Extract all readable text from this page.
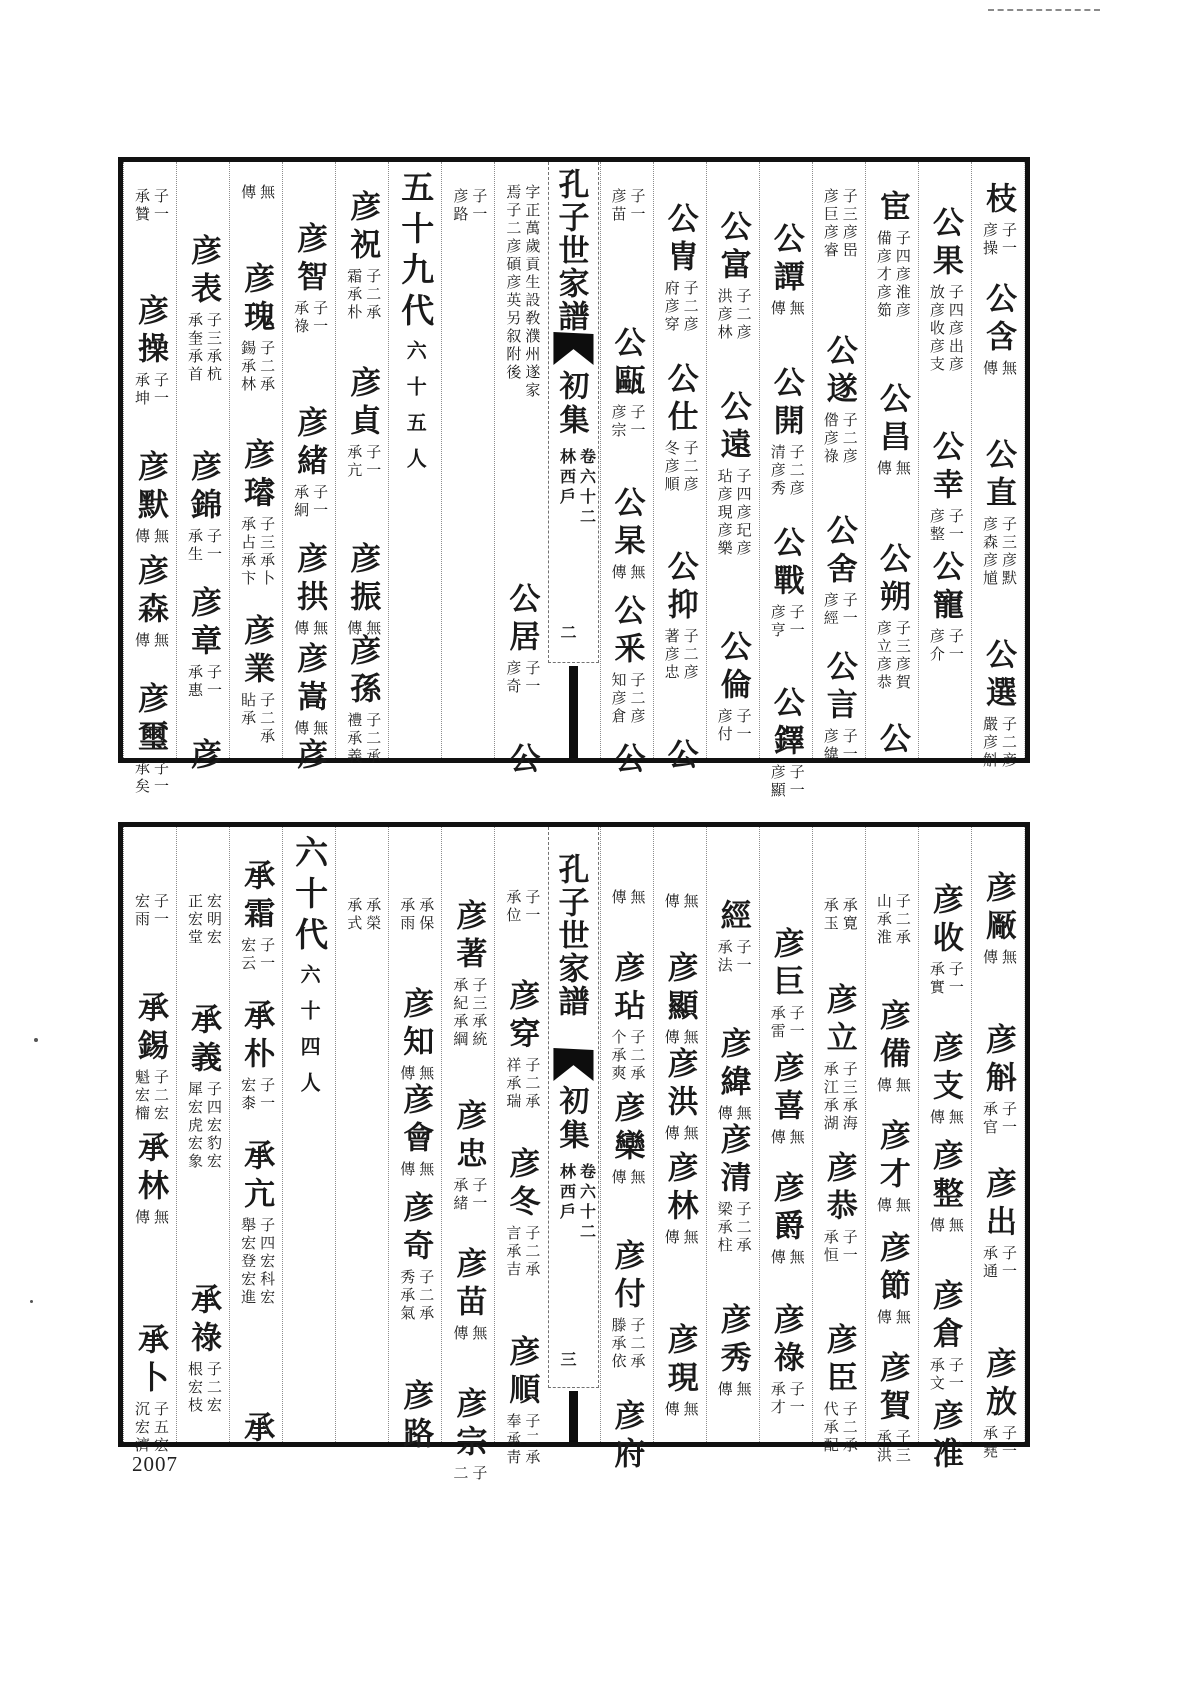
枝
子一彦操
公含
無傳
公直
子三彦默彦森彦馗
公選
子二彦嚴彦斛
公果
子四彦出彦放彦收彦支
公幸
子一彦整
公寵
子一彦介
宦
子四彦淮彦備彦才彦筎
公昌
無傳
公朔
子三彦賀彦立彦恭
公
子三彦岊彦巨彦睿
公遂
子二彦倃彦祿
公舍
子一彦經
公言
子一彦緯
公譚
無傳
公開
子二彦清彦秀
公戰
子一彦亨
公鐸
子一彦顯
公富
子二彦洪彦林
公遠
子四彦玘彦玷彦現彦樂
公倫
子一彦付
公冑
子二彦府彦穿
公仕
子二彦冬彦順
公抑
子二彦著彦忠
公
子一彦苗
公甌
子一彦宗
公杲
無傳
公釆
子二彦知彦倉
公
孔子世家譜
初集
卷六十二林西戶
二
字正萬歲貢生設敎濮州遂家焉子二彦碩彦英另叙附後
公居
子一彦奇
公
子一彦路
五十九代
六十五人
彦祝
子二承霜承朴
彦貞
子一承亢
彦振
無傳
彦孫
子二承禮承義
彦智
子一承祿
彦緒
子一承絅
彦拱
無傳
彦嵩
無傳
彦
無傳
彦瑰
子二承鍚承林
彦璿
子三承卜承占承卞
彦業
子二承䀡承
彦表
子三承杭承奎承首
彦錦
子一承生
彦章
子一承惠
彦
子一承贊
彦操
子一承坤
彦默
無傳
彦森
無傳
彦璽
子一承矣
彦厰
無傳
彦斛
子一承官
彦出
子一承通
彦放
子一承堯
彦收
子一承實
彦支
無傳
彦整
無傳
彦倉
子一承文
彦准
子二承山承淮
彦備
無傳
彦才
無傳
彦節
無傳
彦賀
子三承洪
承寛承玉
彦立
子三承海承江承湖
彦恭
子一承恒
彦臣
子二承代承配
彦巨
子一承雷
彦喜
無傳
彦爵
無傳
彦祿
子一承才
經
子一承法
彦緯
無傳
彦清
子二承梁承柱
彦秀
無傳
無傳
彦顯
無傳
彦洪
無傳
彦林
無傳
彦現
無傳
無傳
彦玷
子二承个承爽
彦欒
無傳
彦付
子二承滕承依
彦府
孔子世家譜
初集
卷六十二林西戶
三
子一承位
彦穿
子二承祥承瑞
彦冬
子二承言承吉
彦順
子二承奉承靑
彦著
子三承統承紀承綱
彦忠
子一承緒
彦苗
無傳
彦宗
子二
承保承雨
彦知
無傳
彦會
無傳
彦奇
子二承秀承氣
彦路
承榮承式
六十代
六十四人
承霜
子一宏云
承朴
子一宏桼
承亢
子四宏科宏舉宏登宏進
承
宏明宏正宏堂
承義
子四宏豹宏犀宏虎宏象
承祿
子二宏根宏枝
子一宏雨
承錫
子二宏魁宏橣
承林
無傳
承卜
子五宏沉宏濟
2007
